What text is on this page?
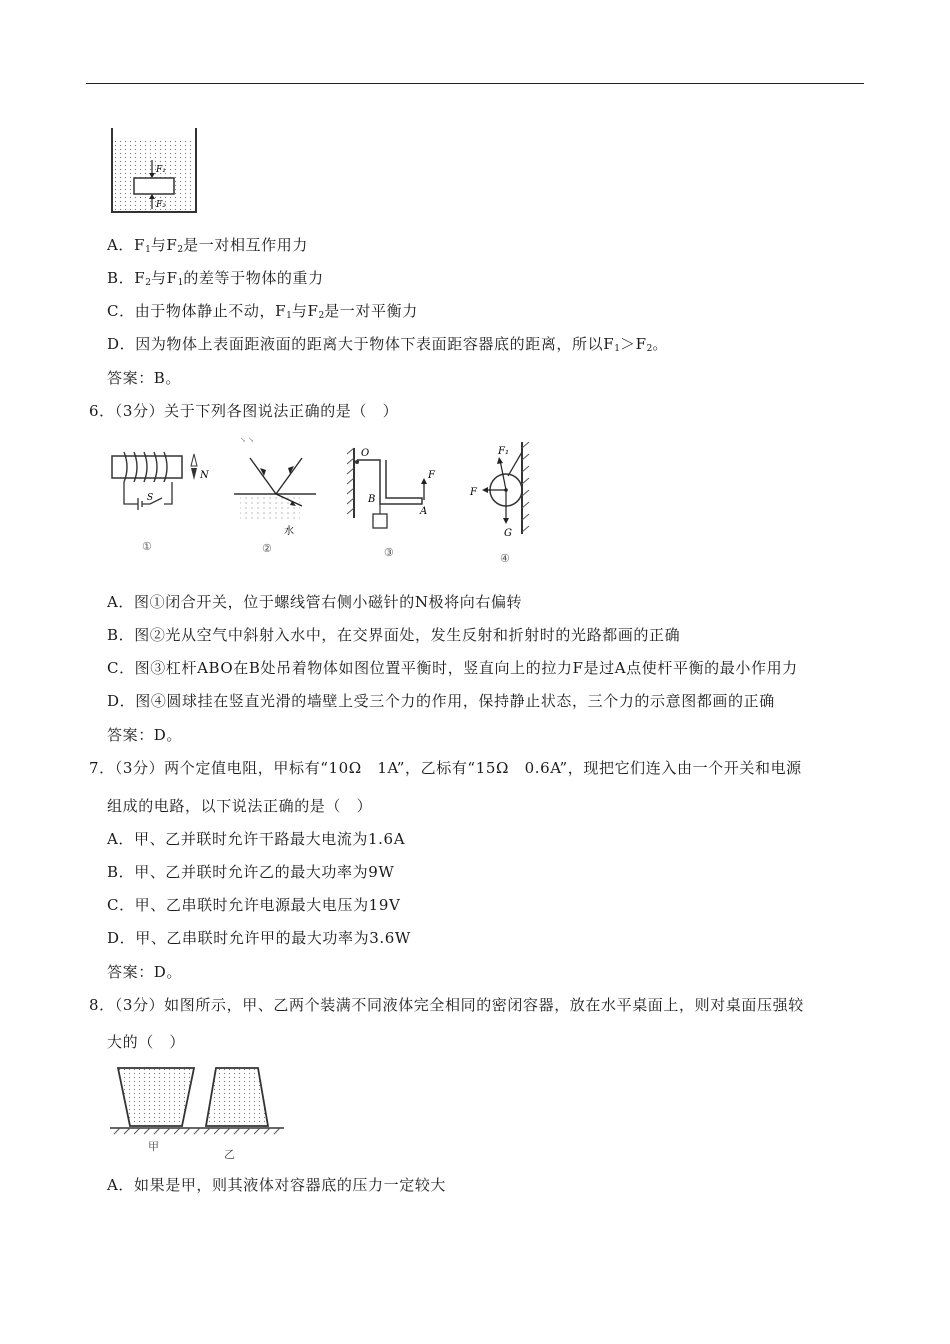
F₁
F₂
A．$F_1$与$F_2$是一对相互作用力
B．$F_2$与$F_1$的差等于物体的重力
C．由于物体静止不动，$F_1$与$F_2$是一对平衡力
D．因为物体上表面距液面的距离大于物体下表面距容器底的距离，所以$F_1>F_2$。
答案：B。
6．（3分）关于下列各图说法正确的是（　）
N
S
①
↘ ↘
水
②
O
B
A
F
③
F₁
F
G
④
A．图①闭合开关，位于螺线管右侧小磁针的N极将向右偏转
B．图②光从空气中斜射入水中，在交界面处，发生反射和折射时的光路都画的正确
C．图③杠杆ABO在B处吊着物体如图位置平衡时，竖直向上的拉力F是过A点使杆平衡的最小作用力
D．图④圆球挂在竖直光滑的墙壁上受三个力的作用，保持静止状态，三个力的示意图都画的正确
答案：D。
7．（3分）两个定值电阻，甲标有“10Ω　1A”，乙标有“15Ω　0.6A”，现把它们连入由一个开关和电源
组成的电路，以下说法正确的是（　）
A．甲、乙并联时允许干路最大电流为1.6A
B．甲、乙并联时允许乙的最大功率为9W
C．甲、乙串联时允许电源最大电压为19V
D．甲、乙串联时允许甲的最大功率为3.6W
答案：D。
8．（3分）如图所示，甲、乙两个装满不同液体完全相同的密闭容器，放在水平桌面上，则对桌面压强较
大的（　）
甲
乙
A．如果是甲，则其液体对容器底的压力一定较大
